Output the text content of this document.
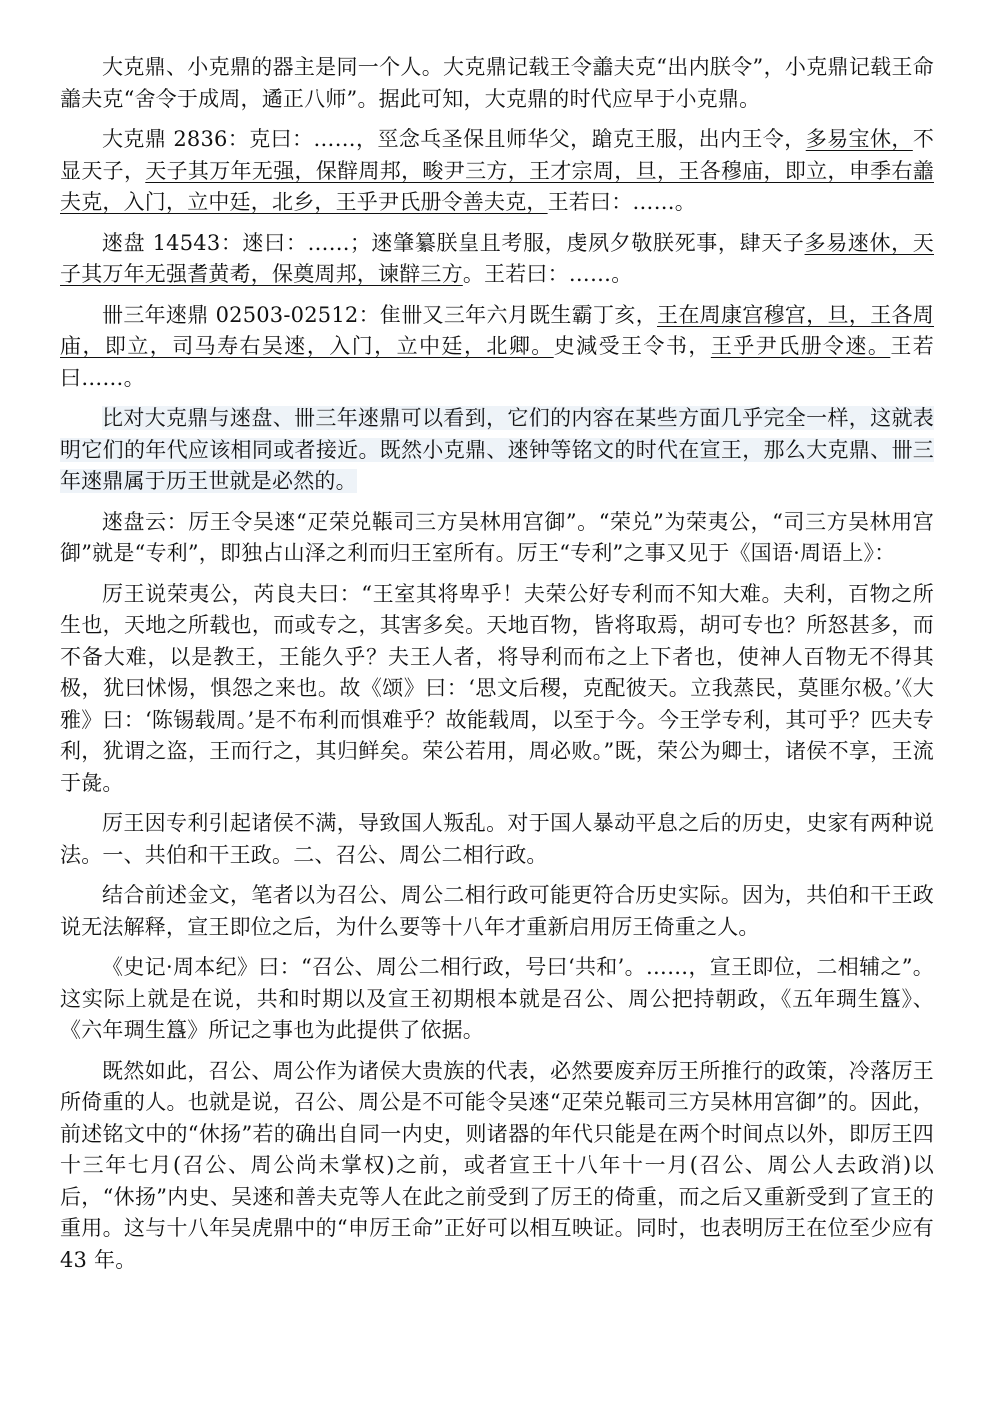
大克鼎、小克鼎的器主是同一个人。大克鼎记载王令譱夫克“出内朕令”，小克鼎记载王命譱夫克“舍令于成周，遹正八师”。据此可知，大克鼎的时代应早于小克鼎。

大克鼎 2836：克曰：……，巠念乓圣保且师华父，蹌克王服，出内王令，多易宝休，不显天子，天子其万年无强，保辥周邦，畯尹三方，王才宗周，旦，王各穆庙，即立，申季右譱夫克，入门，立中廷，北乡，王乎尹氏册令善夫克，王若曰：……。

逨盘 14543：逨曰：……；逨肇纂朕皇且考服，虔夙夕敬朕死事，肆天子多易逨休，天子其万年无强耆黄耇，保奠周邦，谏辥三方。王若曰：……。

卌三年逨鼎 02503-02512：隹卌又三年六月既生霸丁亥，王在周康宫穆宫，旦，王各周庙，即立，司马寿右吴逨，入门，立中廷，北卿。史減受王令书，王乎尹氏册令逨。王若曰……。

比对大克鼎与逨盘、卌三年逨鼎可以看到，它们的内容在某些方面几乎完全一样，这就表明它们的年代应该相同或者接近。既然小克鼎、逨钟等铭文的时代在宣王，那么大克鼎、卌三年逨鼎属于历王世就是必然的。

逨盘云：厉王令吴逨“疋荣兑䩨司三方吴林用宫御”。“荣兑”为荣夷公，“司三方吴林用宫御”就是“专利”，即独占山泽之利而归王室所有。厉王“专利”之事又见于《国语·周语上》：

厉王说荣夷公，芮良夫曰：“王室其将卑乎！夫荣公好专利而不知大难。夫利，百物之所生也，天地之所载也，而或专之，其害多矣。天地百物，皆将取焉，胡可专也？所怒甚多，而不备大难，以是教王，王能久乎？夫王人者，将导利而布之上下者也，使神人百物无不得其极，犹曰怵惕，惧怨之来也。故《颂》曰：‘思文后稷，克配彼天。立我蒸民，莫匪尔极。’《大雅》曰：‘陈锡载周。’是不布利而惧难乎？故能载周，以至于今。今王学专利，其可乎？匹夫专利，犹谓之盗，王而行之，其归鲜矣。荣公若用，周必败。”既，荣公为卿士，诸侯不享，王流于彘。

厉王因专利引起诸侯不满，导致国人叛乱。对于国人暴动平息之后的历史，史家有两种说法。一、共伯和干王政。二、召公、周公二相行政。

结合前述金文，笔者以为召公、周公二相行政可能更符合历史实际。因为，共伯和干王政说无法解释，宣王即位之后，为什么要等十八年才重新启用厉王倚重之人。

《史记·周本纪》曰：“召公、周公二相行政，号曰‘共和’。……，宣王即位，二相辅之”。这实际上就是在说，共和时期以及宣王初期根本就是召公、周公把持朝政，《五年琱生簋》、《六年琱生簋》所记之事也为此提供了依据。

既然如此，召公、周公作为诸侯大贵族的代表，必然要废弃厉王所推行的政策，冷落厉王所倚重的人。也就是说，召公、周公是不可能令吴逨“疋荣兑䩨司三方吴林用宫御”的。因此，前述铭文中的“休扬”若的确出自同一内史，则诸器的年代只能是在两个时间点以外，即厉王四十三年七月(召公、周公尚未掌权)之前，或者宣王十八年十一月(召公、周公人去政消)以后，“休扬”内史、吴逨和善夫克等人在此之前受到了厉王的倚重，而之后又重新受到了宣王的重用。这与十八年吴虎鼎中的“申厉王命”正好可以相互映证。同时，也表明厉王在位至少应有 43 年。
